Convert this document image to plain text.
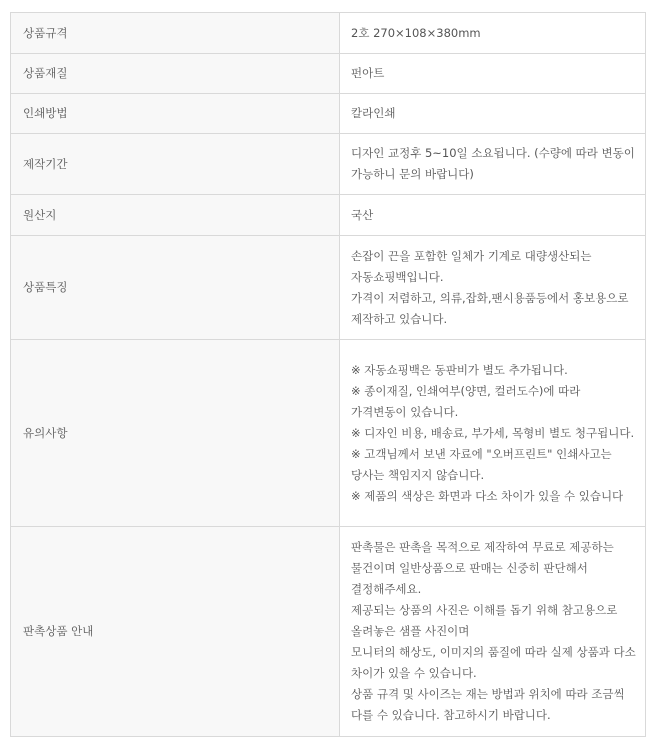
상품규격	2호 270×108×380mm

상품재질	펀아트

인쇄방법	칼라인쇄

제작기간	디자인 교정후 5~10일 소요됩니다. (수량에 따라 변동이 가능하니 문의 바랍니다)

원산지	국산

상품특징	손잡이 끈을 포함한 일체가 기계로 대량생산되는 자동쇼핑백입니다.
가격이 저렴하고, 의류,잡화,팬시용품등에서 홍보용으로 제작하고 있습니다.

유의사항	※ 자동쇼핑백은 동판비가 별도 추가됩니다.
※ 종이재질, 인쇄여부(양면, 컬러도수)에 따라 가격변동이 있습니다.
※ 디자인 비용, 배송료, 부가세, 목형비 별도 청구됩니다.
※ 고객님께서 보낸 자료에 "오버프린트" 인쇄사고는 당사는 책임지지 않습니다.
※ 제품의 색상은 화면과 다소 차이가 있을 수 있습니다

판촉상품 안내	판촉물은 판촉을 목적으로 제작하여 무료로 제공하는 물건이며 일반상품으로 판매는 신중히 판단해서 결정해주세요.
제공되는 상품의 사진은 이해를 돕기 위해 참고용으로 올려놓은 샘플 사진이며
모니터의 해상도, 이미지의 품질에 따라 실제 상품과 다소 차이가 있을 수 있습니다.
상품 규격 및 사이즈는 재는 방법과 위치에 따라 조금씩 다를 수 있습니다. 참고하시기 바랍니다.
